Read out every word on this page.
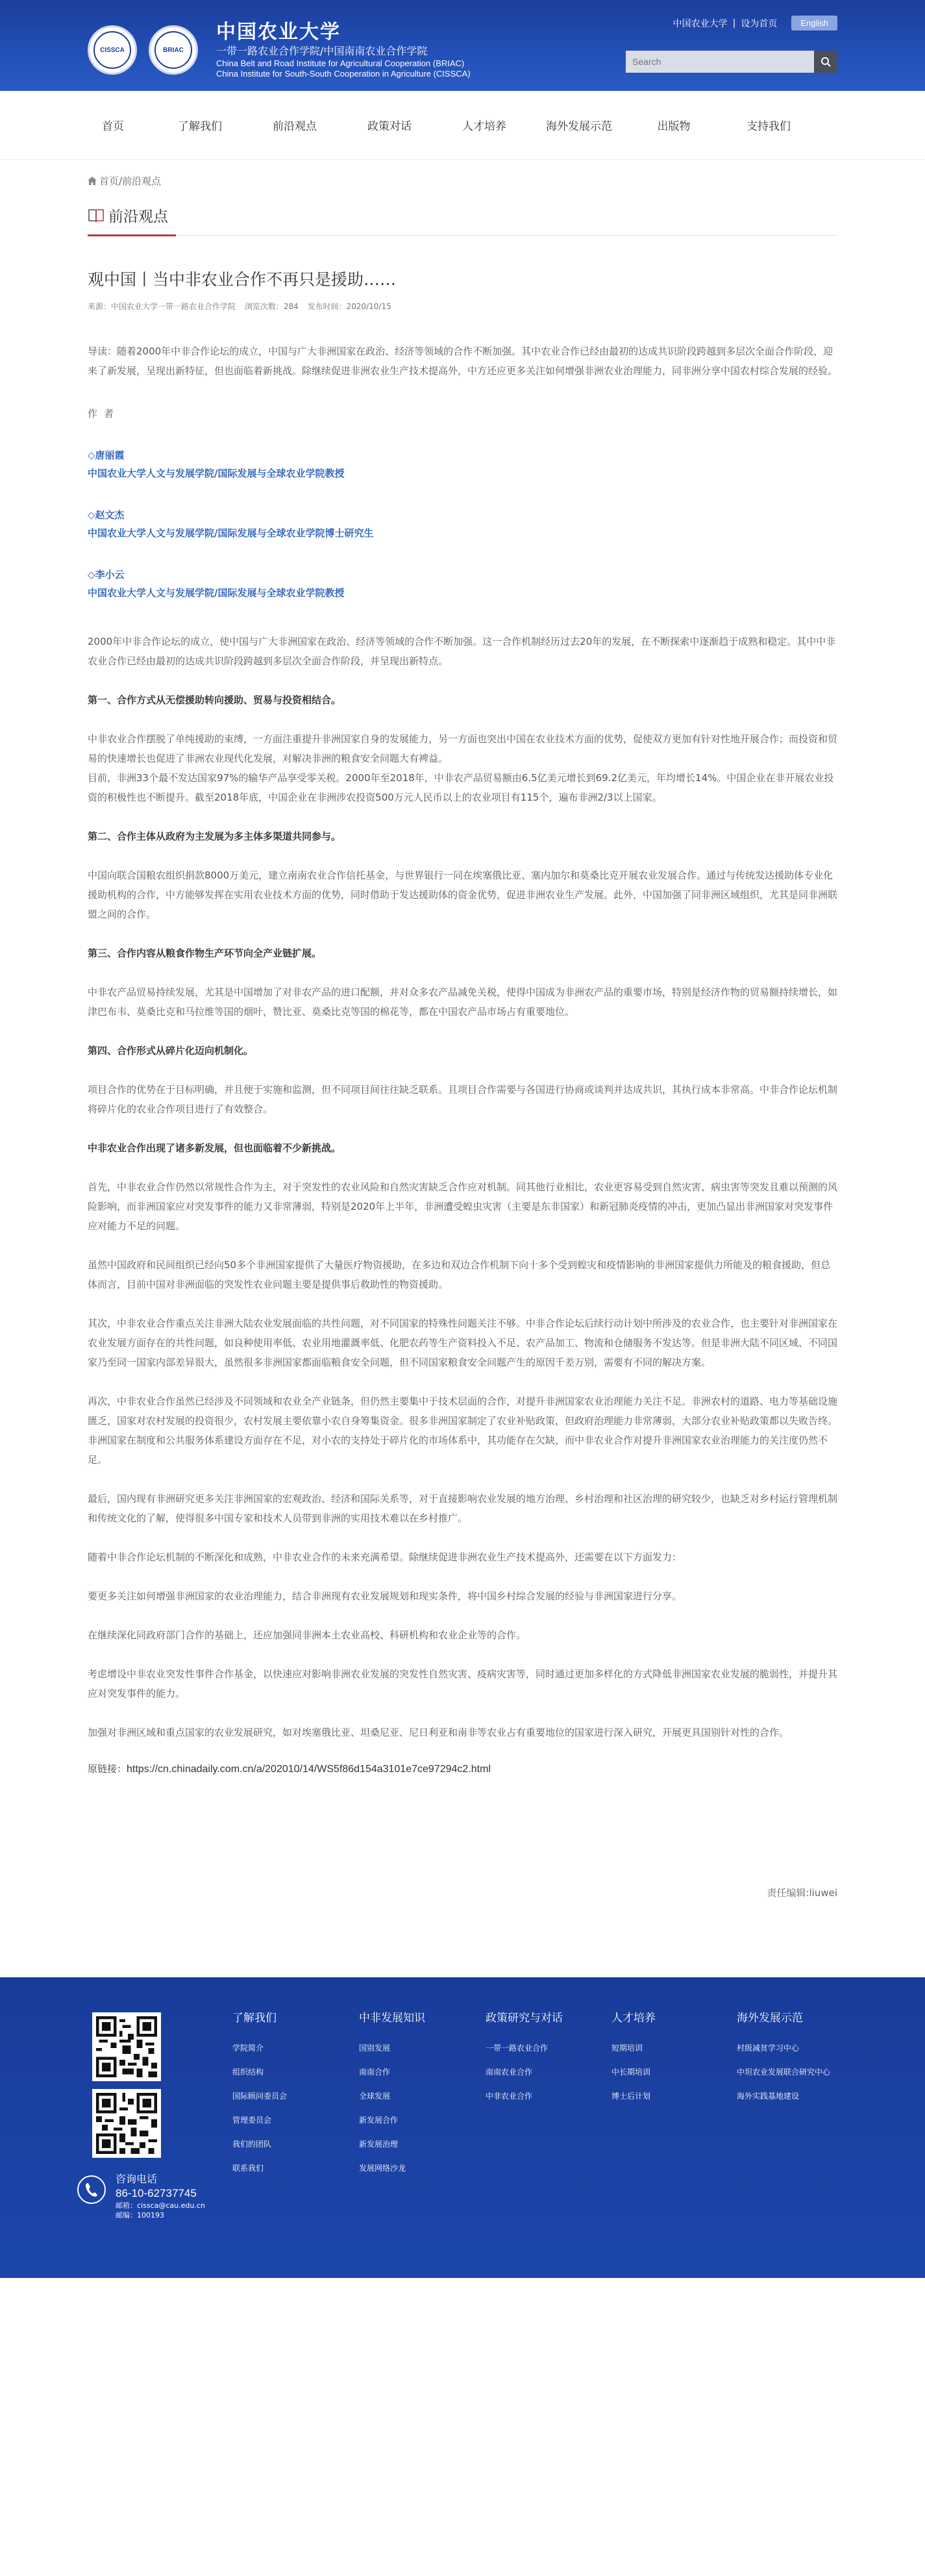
CISSCA	BRIAC
中国农业大学
一带一路农业合作学院/中国南南农业合作学院
China Belt and Road Institute for Agricultural Cooperation (BRIAC)
China Institute for South-South Cooperation in Agriculture (CISSCA)
中国农业大学 | 设为首页	English
Search
首页	了解我们	前沿观点	政策对话	人才培养	海外发展示范	出版物	支持我们
首页/前沿观点
前沿观点
观中国丨当中非农业合作不再只是援助……
来源：中国农业大学一带一路农业合作学院 浏览次数：284 发布时间：2020/10/15

导读：随着2000年中非合作论坛的成立，中国与广大非洲国家在政治、经济等领域的合作不断加强。其中农业合作已经由最初的达成共识阶段跨越到多层次全面合作阶段，迎来了新发展，呈现出新特征，但也面临着新挑战。除继续促进非洲农业生产技术提高外，中方还应更多关注如何增强非洲农业治理能力，同非洲分享中国农村综合发展的经验。

作者

◇唐丽霞
中国农业大学人文与发展学院/国际发展与全球农业学院教授
◇赵文杰
中国农业大学人文与发展学院/国际发展与全球农业学院博士研究生
◇李小云
中国农业大学人文与发展学院/国际发展与全球农业学院教授

2000年中非合作论坛的成立，使中国与广大非洲国家在政治、经济等领域的合作不断加强。这一合作机制经历过去20年的发展，在不断探索中逐渐趋于成熟和稳定。其中中非农业合作已经由最初的达成共识阶段跨越到多层次全面合作阶段，并呈现出新特点。

第一、合作方式从无偿援助转向援助、贸易与投资相结合。

中非农业合作摆脱了单纯援助的束缚，一方面注重提升非洲国家自身的发展能力，另一方面也突出中国在农业技术方面的优势，促使双方更加有针对性地开展合作；而投资和贸易的快速增长也促进了非洲农业现代化发展，对解决非洲的粮食安全问题大有裨益。

目前，非洲33个最不发达国家97%的输华产品享受零关税。2000年至2018年，中非农产品贸易额由6.5亿美元增长到69.2亿美元，年均增长14%。中国企业在非开展农业投资的积极性也不断提升。截至2018年底，中国企业在非洲涉农投资500万元人民币以上的农业项目有115个，遍布非洲2/3以上国家。

第二、合作主体从政府为主发展为多主体多渠道共同参与。

中国向联合国粮农组织捐款8000万美元，建立南南农业合作信托基金，与世界银行一同在埃塞俄比亚、塞内加尔和莫桑比克开展农业发展合作。通过与传统发达援助体专业化援助机构的合作，中方能够发挥在实用农业技术方面的优势，同时借助于发达援助体的资金优势，促进非洲农业生产发展。此外，中国加强了同非洲区域组织，尤其是同非洲联盟之间的合作。

第三、合作内容从粮食作物生产环节向全产业链扩展。

中非农产品贸易持续发展，尤其是中国增加了对非农产品的进口配额，并对众多农产品减免关税，使得中国成为非洲农产品的重要市场，特别是经济作物的贸易额持续增长，如津巴布韦、莫桑比克和马拉维等国的烟叶，赞比亚、莫桑比克等国的棉花等，都在中国农产品市场占有重要地位。

第四、合作形式从碎片化迈向机制化。

项目合作的优势在于目标明确，并且便于实施和监测，但不同项目间往往缺乏联系。且项目合作需要与各国进行协商或谈判并达成共识，其执行成本非常高。中非合作论坛机制将碎片化的农业合作项目进行了有效整合。

中非农业合作出现了诸多新发展，但也面临着不少新挑战。

首先，中非农业合作仍然以常规性合作为主，对于突发性的农业风险和自然灾害缺乏合作应对机制。同其他行业相比，农业更容易受到自然灾害、病虫害等突发且难以预测的风险影响，而非洲国家应对突发事件的能力又非常薄弱，特别是2020年上半年，非洲遭受蝗虫灾害（主要是东非国家）和新冠肺炎疫情的冲击，更加凸显出非洲国家对突发事件应对能力不足的问题。

虽然中国政府和民间组织已经向50多个非洲国家提供了大量医疗物资援助，在多边和双边合作机制下向十多个受到蝗灾和疫情影响的非洲国家提供力所能及的粮食援助，但总体而言，目前中国对非洲面临的突发性农业问题主要是提供事后救助性的物资援助。

其次，中非农业合作重点关注非洲大陆农业发展面临的共性问题，对不同国家的特殊性问题关注不够。中非合作论坛后续行动计划中所涉及的农业合作，也主要针对非洲国家在农业发展方面存在的共性问题，如良种使用率低、农业用地灌溉率低、化肥农药等生产资料投入不足、农产品加工、物流和仓储服务不发达等。但是非洲大陆不同区域、不同国家乃至同一国家内部差异很大，虽然很多非洲国家都面临粮食安全问题，但不同国家粮食安全问题产生的原因千差万别，需要有不同的解决方案。

再次，中非农业合作虽然已经涉及不同领域和农业全产业链条，但仍然主要集中于技术层面的合作，对提升非洲国家农业治理能力关注不足。非洲农村的道路、电力等基础设施匮乏，国家对农村发展的投资很少，农村发展主要依靠小农自身筹集资金。很多非洲国家制定了农业补贴政策，但政府治理能力非常薄弱，大部分农业补贴政策都以失败告终。非洲国家在制度和公共服务体系建设方面存在不足，对小农的支持处于碎片化的市场体系中，其功能存在欠缺，而中非农业合作对提升非洲国家农业治理能力的关注度仍然不足。

最后，国内现有非洲研究更多关注非洲国家的宏观政治、经济和国际关系等，对于直接影响农业发展的地方治理、乡村治理和社区治理的研究较少，也缺乏对乡村运行管理机制和传统文化的了解，使得很多中国专家和技术人员带到非洲的实用技术难以在乡村推广。

随着中非合作论坛机制的不断深化和成熟，中非农业合作的未来充满希望。除继续促进非洲农业生产技术提高外，还需要在以下方面发力：

要更多关注如何增强非洲国家的农业治理能力，结合非洲现有农业发展规划和现实条件，将中国乡村综合发展的经验与非洲国家进行分享。

在继续深化同政府部门合作的基础上，还应加强同非洲本土农业高校、科研机构和农业企业等的合作。

考虑增设中非农业突发性事件合作基金，以快速应对影响非洲农业发展的突发性自然灾害、疫病灾害等，同时通过更加多样化的方式降低非洲国家农业发展的脆弱性，并提升其应对突发事件的能力。

加强对非洲区域和重点国家的农业发展研究，如对埃塞俄比亚、坦桑尼亚、尼日利亚和南非等农业占有重要地位的国家进行深入研究，开展更具国别针对性的合作。

原链接：https://cn.chinadaily.com.cn/a/202010/14/WS5f86d154a3101e7ce97294c2.html

责任编辑:liuwei

咨询电话
86-10-62737745
邮箱：cissca@cau.edu.cn
邮编：100193
了解我们
学院简介
组织结构
国际顾问委员会
管理委员会
我们的团队
联系我们
中非发展知识
国别发展
南南合作
全球发展
新发展合作
新发展治理
发展网络沙龙
政策研究与对话
一带一路农业合作
南南农业合作
中非农业合作
人才培养
短期培训
中长期培训
博士后计划
海外发展示范
村级减贫学习中心
中坦农业发展联合研究中心
海外实践基地建设
